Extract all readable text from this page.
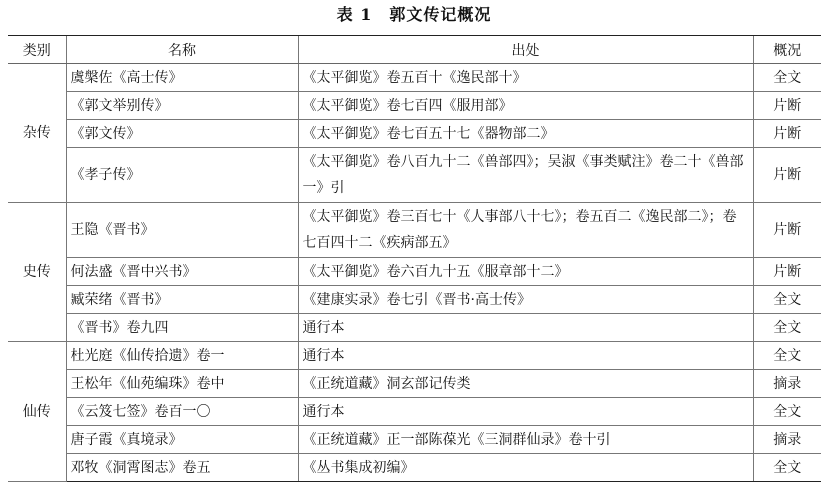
表 1　郭文传记概况
类别	名称	出处	概况
杂传	虞槃佐《高士传》	《太平御览》卷五百十《逸民部十》	全文
	《郭文举别传》	《太平御览》卷七百四《服用部》	片断
	《郭文传》	《太平御览》卷七百五十七《器物部二》	片断
	《孝子传》	《太平御览》卷八百九十二《兽部四》；吴淑《事类赋注》卷二十《兽部一》引	片断
史传	王隐《晋书》	《太平御览》卷三百七十《人事部八十七》；卷五百二《逸民部二》；卷七百四十二《疾病部五》	片断
	何法盛《晋中兴书》	《太平御览》卷六百九十五《服章部十二》	片断
	臧荣绪《晋书》	《建康实录》卷七引《晋书·高士传》	全文
	《晋书》卷九四	通行本	全文
仙传	杜光庭《仙传拾遗》卷一	通行本	全文
	王松年《仙苑编珠》卷中	《正统道藏》洞玄部记传类	摘录
	《云笈七签》卷百一〇	通行本	全文
	唐子霞《真境录》	《正统道藏》正一部陈葆光《三洞群仙录》卷十引	摘录
	邓牧《洞霄图志》卷五	《丛书集成初编》	全文
